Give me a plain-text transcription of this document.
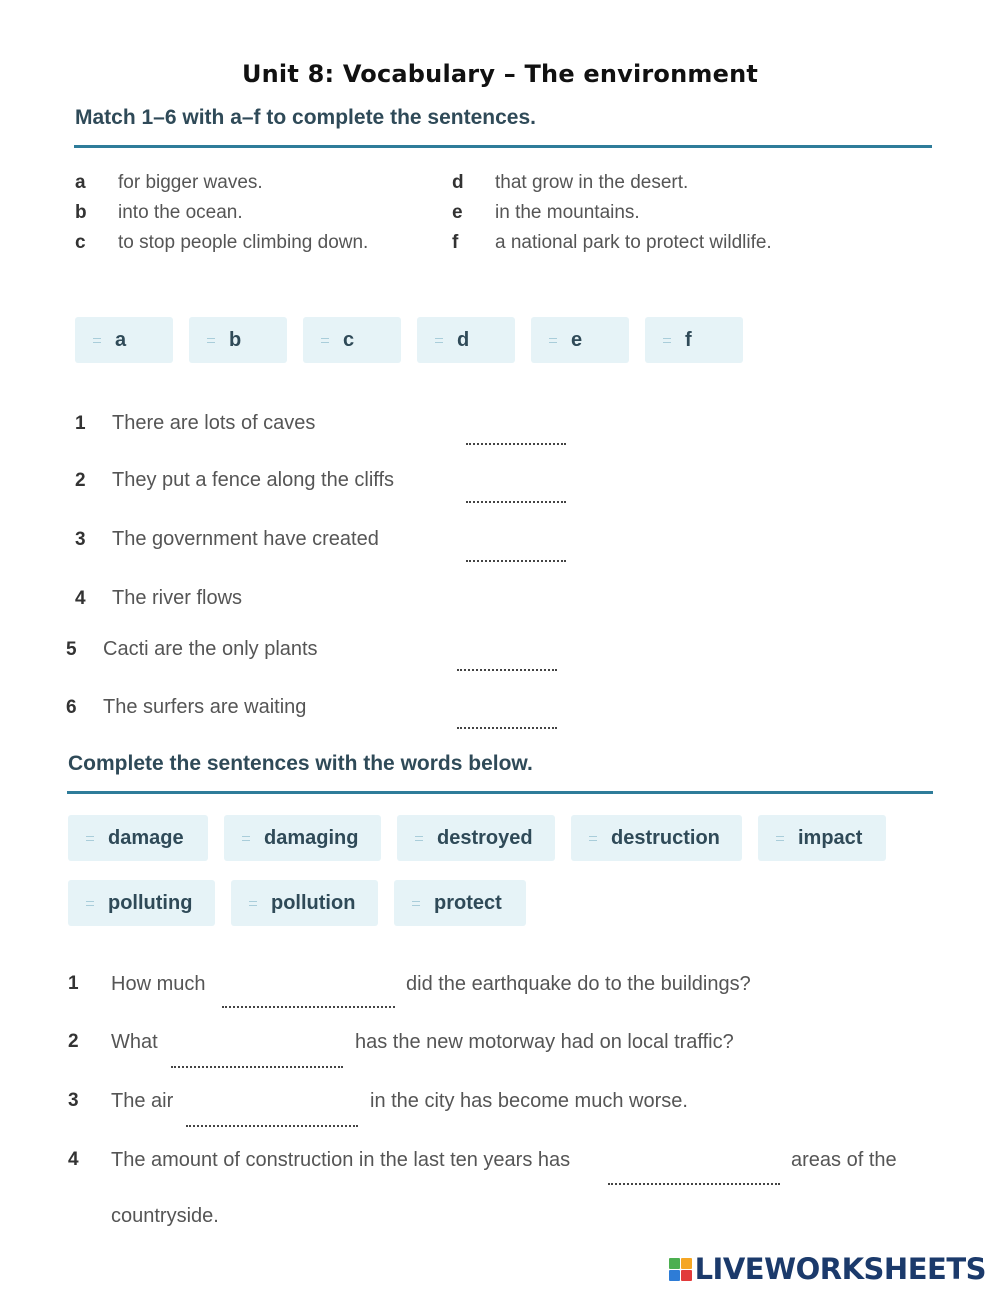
Unit 8: Vocabulary – The environment
Match 1–6 with a–f to complete the sentences.
a for bigger waves.
b into the ocean.
c to stop people climbing down.
d that grow in the desert.
e in the mountains.
f a national park to protect wildlife.
a	b	c	d	e	f
1 There are lots of caves
2 They put a fence along the cliffs
3 The government have created
4 The river flows
5 Cacti are the only plants
6 The surfers are waiting
Complete the sentences with the words below.
damage	damaging	destroyed	destruction	impact
polluting	pollution	protect
1 How much	did the earthquake do to the buildings?
2 What	has the new motorway had on local traffic?
3 The air	in the city has become much worse.
4 The amount of construction in the last ten years has	areas of the
countryside.
LIVEWORKSHEETS
